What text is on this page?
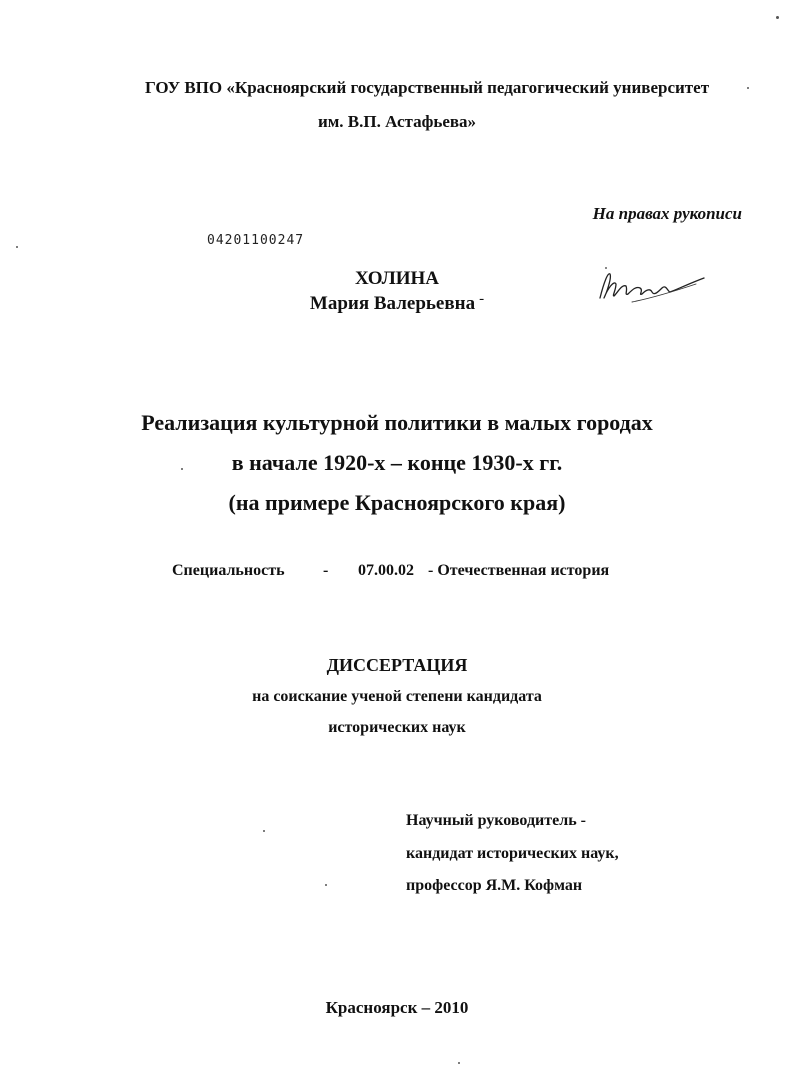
ГОУ ВПО «Красноярский государственный педагогический университет
им. В.П. Астафьева»
На правах рукописи
04201100247
ХОЛИНА
Мария Валерьевна -
Реализация культурной политики в малых городах
в начале 1920-х – конце 1930-х гг.
(на примере Красноярского края)
Специальность - 07.00.02 - Отечественная история
ДИССЕРТАЦИЯ
на соискание ученой степени кандидата
исторических наук
Научный руководитель -
кандидат исторических наук,
профессор Я.М. Кофман
Красноярск – 2010
